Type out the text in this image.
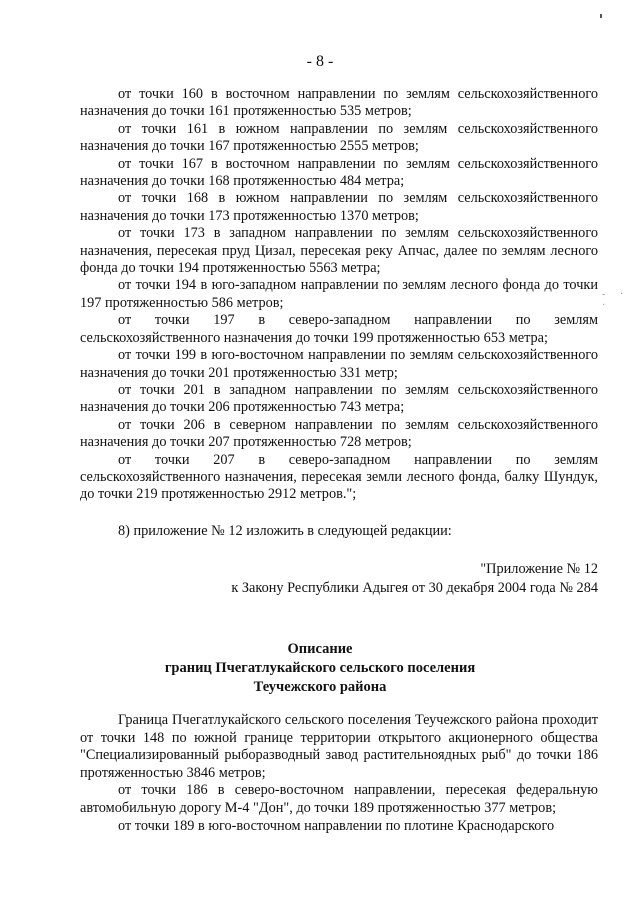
- · ·
- 8 -

от точки 160 в восточном направлении по землям сельскохозяйственного назначения до точки 161 протяженностью 535 метров;

от точки 161 в южном направлении по землям сельскохозяйственного назначения до точки 167 протяженностью 2555 метров;

от точки 167 в восточном направлении по землям сельскохозяйственного назначения до точки 168 протяженностью 484 метра;

от точки 168 в южном направлении по землям сельскохозяйственного назначения до точки 173 протяженностью 1370 метров;

от точки 173 в западном направлении по землям сельскохозяйственного назначения, пересекая пруд Цизал, пересекая реку Апчас, далее по землям лесного фонда до точки 194 протяженностью 5563 метра;

от точки 194 в юго-западном направлении по землям лесного фонда до точки 197 протяженностью 586 метров;

от точки 197 в северо-западном направлении по землям сельскохозяйственного назначения до точки 199 протяженностью 653 метра;

от точки 199 в юго-восточном направлении по землям сельскохозяйственного назначения до точки 201 протяженностью 331 метр;

от точки 201 в западном направлении по землям сельскохозяйственного назначения до точки 206 протяженностью 743 метра;

от точки 206 в северном направлении по землям сельскохозяйственного назначения до точки 207 протяженностью 728 метров;

от точки 207 в северо-западном направлении по землям сельскохозяйственного назначения, пересекая земли лесного фонда, балку Шундук, до точки 219 протяженностью 2912 метров.";

8) приложение № 12 изложить в следующей редакции:
"Приложение № 12
к Закону Республики Адыгея от 30 декабря 2004 года № 284
Описание
границ Пчегатлукайского сельского поселения
Теучежского района

Граница Пчегатлукайского сельского поселения Теучежского района проходит от точки 148 по южной границе территории открытого акционерного общества "Специализированный рыборазводный завод растительноядных рыб" до точки 186 протяженностью 3846 метров;

от точки 186 в северо-восточном направлении, пересекая федеральную автомобильную дорогу М-4 "Дон", до точки 189 протяженностью 377 метров;

от точки 189 в юго-восточном направлении по плотине Краснодарского
